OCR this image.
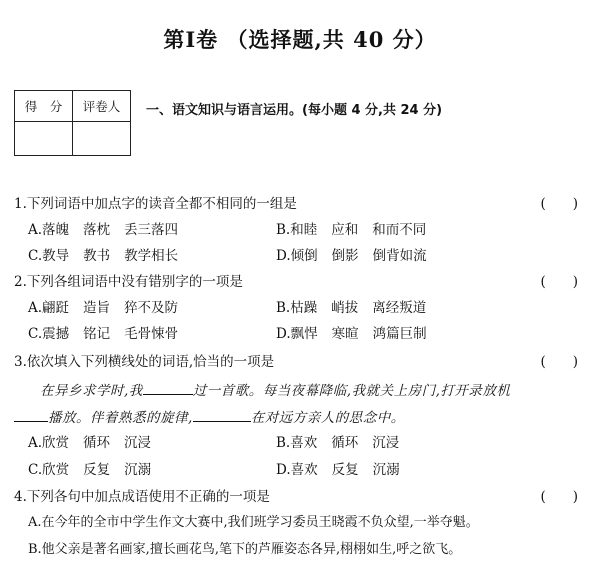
第Ⅰ卷 （选择题,共 40 分）
得　分	评卷人
	一、语文知识与语言运用。(每小题 4 分,共 24 分)
1.下列词语中加点字的读音全都不相同的一组是	(　　)
A.落魄 落枕 丢三落四	B.和睦 应和 和而不同
C.教导 教书 教学相长	D.倾倒 倒影 倒背如流
2.下列各组词语中没有错别字的一项是	(　　)
A.翩跹 造旨 猝不及防	B.枯躁 峭拔 离经叛道
C.震撼 铭记 毛骨悚骨	D.飘悍 寒暄 鸿篇巨制
3.依次填入下列横线处的词语,恰当的一项是	(　　)
在异乡求学时,我	过一首歌。每当夜幕降临,我就关上房门,打开录放机
播放。伴着熟悉的旋律,	在对远方亲人的思念中。
A.欣赏 循环 沉浸	B.喜欢 循环 沉浸
C.欣赏 反复 沉溺	D.喜欢 反复 沉溺
4.下列各句中加点成语使用不正确的一项是	(　　)
A.在今年的全市中学生作文大赛中,我们班学习委员王晓霞不负众望,一举夺魁。
B.他父亲是著名画家,擅长画花鸟,笔下的芦雁姿态各异,栩栩如生,呼之欲飞。
